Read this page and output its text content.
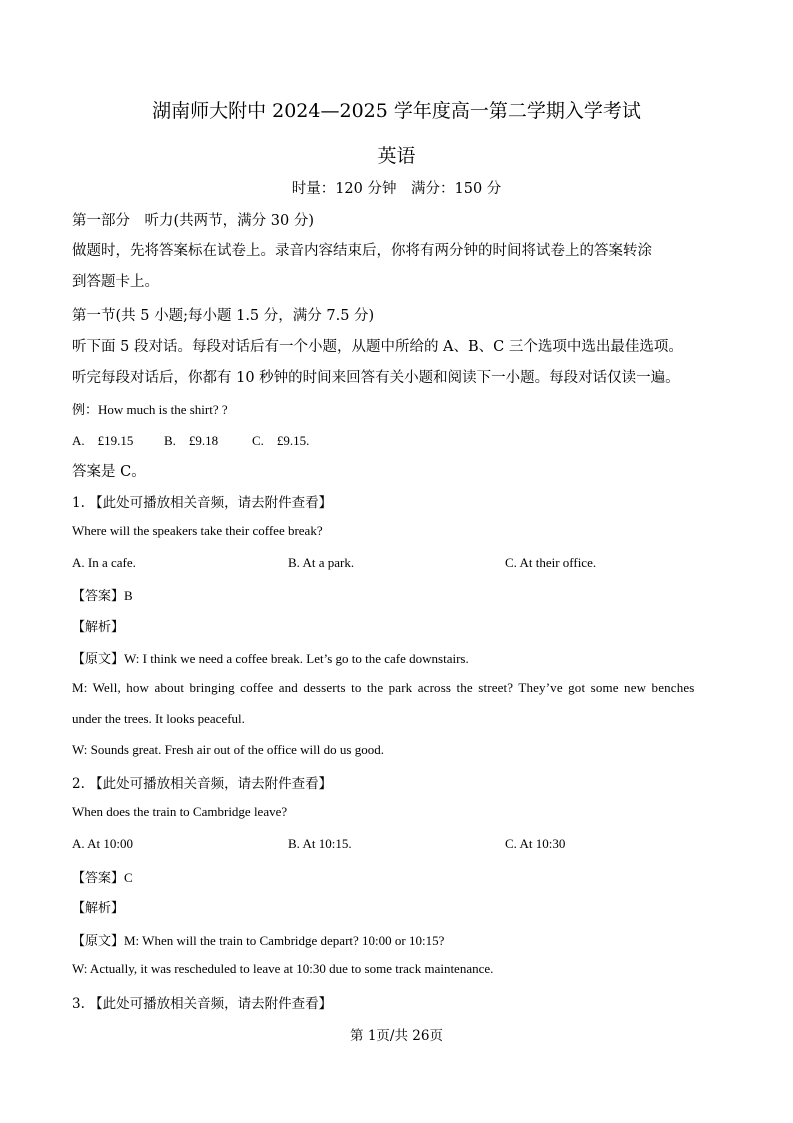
湖南师大附中 2024—2025 学年度高一第二学期入学考试
英语
时量：120 分钟　满分：150 分
第一部分　听力(共两节，满分 30 分)
做题时，先将答案标在试卷上。录音内容结束后，你将有两分钟的时间将试卷上的答案转涂
到答题卡上。
第一节(共 5 小题;每小题 1.5 分，满分 7.5 分)
听下面 5 段对话。每段对话后有一个小题，从题中所给的 A、B、C 三个选项中选出最佳选项。
听完每段对话后，你都有 10 秒钟的时间来回答有关小题和阅读下一小题。每段对话仅读一遍。
例：How much is the shirt? ?
A.　£19.15 B.　£9.18	C.　£9.15.
答案是 C。
1. 【此处可播放相关音频，请去附件查看】
Where will the speakers take their coffee break?
A. In a cafe.	B. At a park.	C. At their office.
【答案】B
【解析】
【原文】W: I think we need a coffee break. Let’s go to the cafe downstairs.
M: Well, how about bringing coffee and desserts to the park across the street? They’ve got some new benches
under the trees. It looks peaceful.
W: Sounds great. Fresh air out of the office will do us good.
2. 【此处可播放相关音频，请去附件查看】
When does the train to Cambridge leave?
A. At 10:00	B. At 10:15.	C. At 10:30
【答案】C
【解析】
【原文】M: When will the train to Cambridge depart? 10:00 or 10:15?
W: Actually, it was rescheduled to leave at 10:30 due to some track maintenance.
3. 【此处可播放相关音频，请去附件查看】
第 1页/共 26页
